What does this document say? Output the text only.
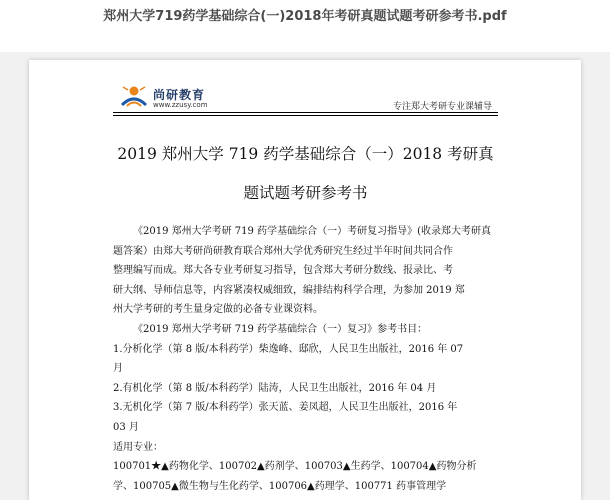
郑州大学719药学基础综合(一)2018年考研真题试题考研参考书.pdf
尚研教育
www.zzusy.com	专注郑大考研专业课辅导
2019 郑州大学 719 药学基础综合（一）2018 考研真
题试题考研参考书

《2019 郑州大学考研 719 药学基础综合（一）考研复习指导》(收录郑大考研真

题答案）由郑大考研尚研教育联合郑州大学优秀研究生经过半年时间共同合作

整理编写而成。郑大各专业考研复习指导，包含郑大考研分数线、报录比、考

研大纲、导师信息等，内容紧凑权威细致，编排结构科学合理，为参加 2019 郑

州大学考研的考生量身定做的必备专业课资料。

《2019 郑州大学考研 719 药学基础综合（一）复习》参考书目：

1.分析化学（第 8 版/本科药学）柴逸峰、邸欣，人民卫生出版社，2016 年 07

月

2.有机化学（第 8 版/本科药学）陆涛，人民卫生出版社，2016 年 04 月

3.无机化学（第 7 版/本科药学）张天蓝、姜凤超，人民卫生出版社，2016 年

03 月

适用专业：

100701★▲药物化学、100702▲药剂学、100703▲生药学、100704▲药物分析

学、100705▲微生物与生化药学、100706▲药理学、100771 药事管理学
